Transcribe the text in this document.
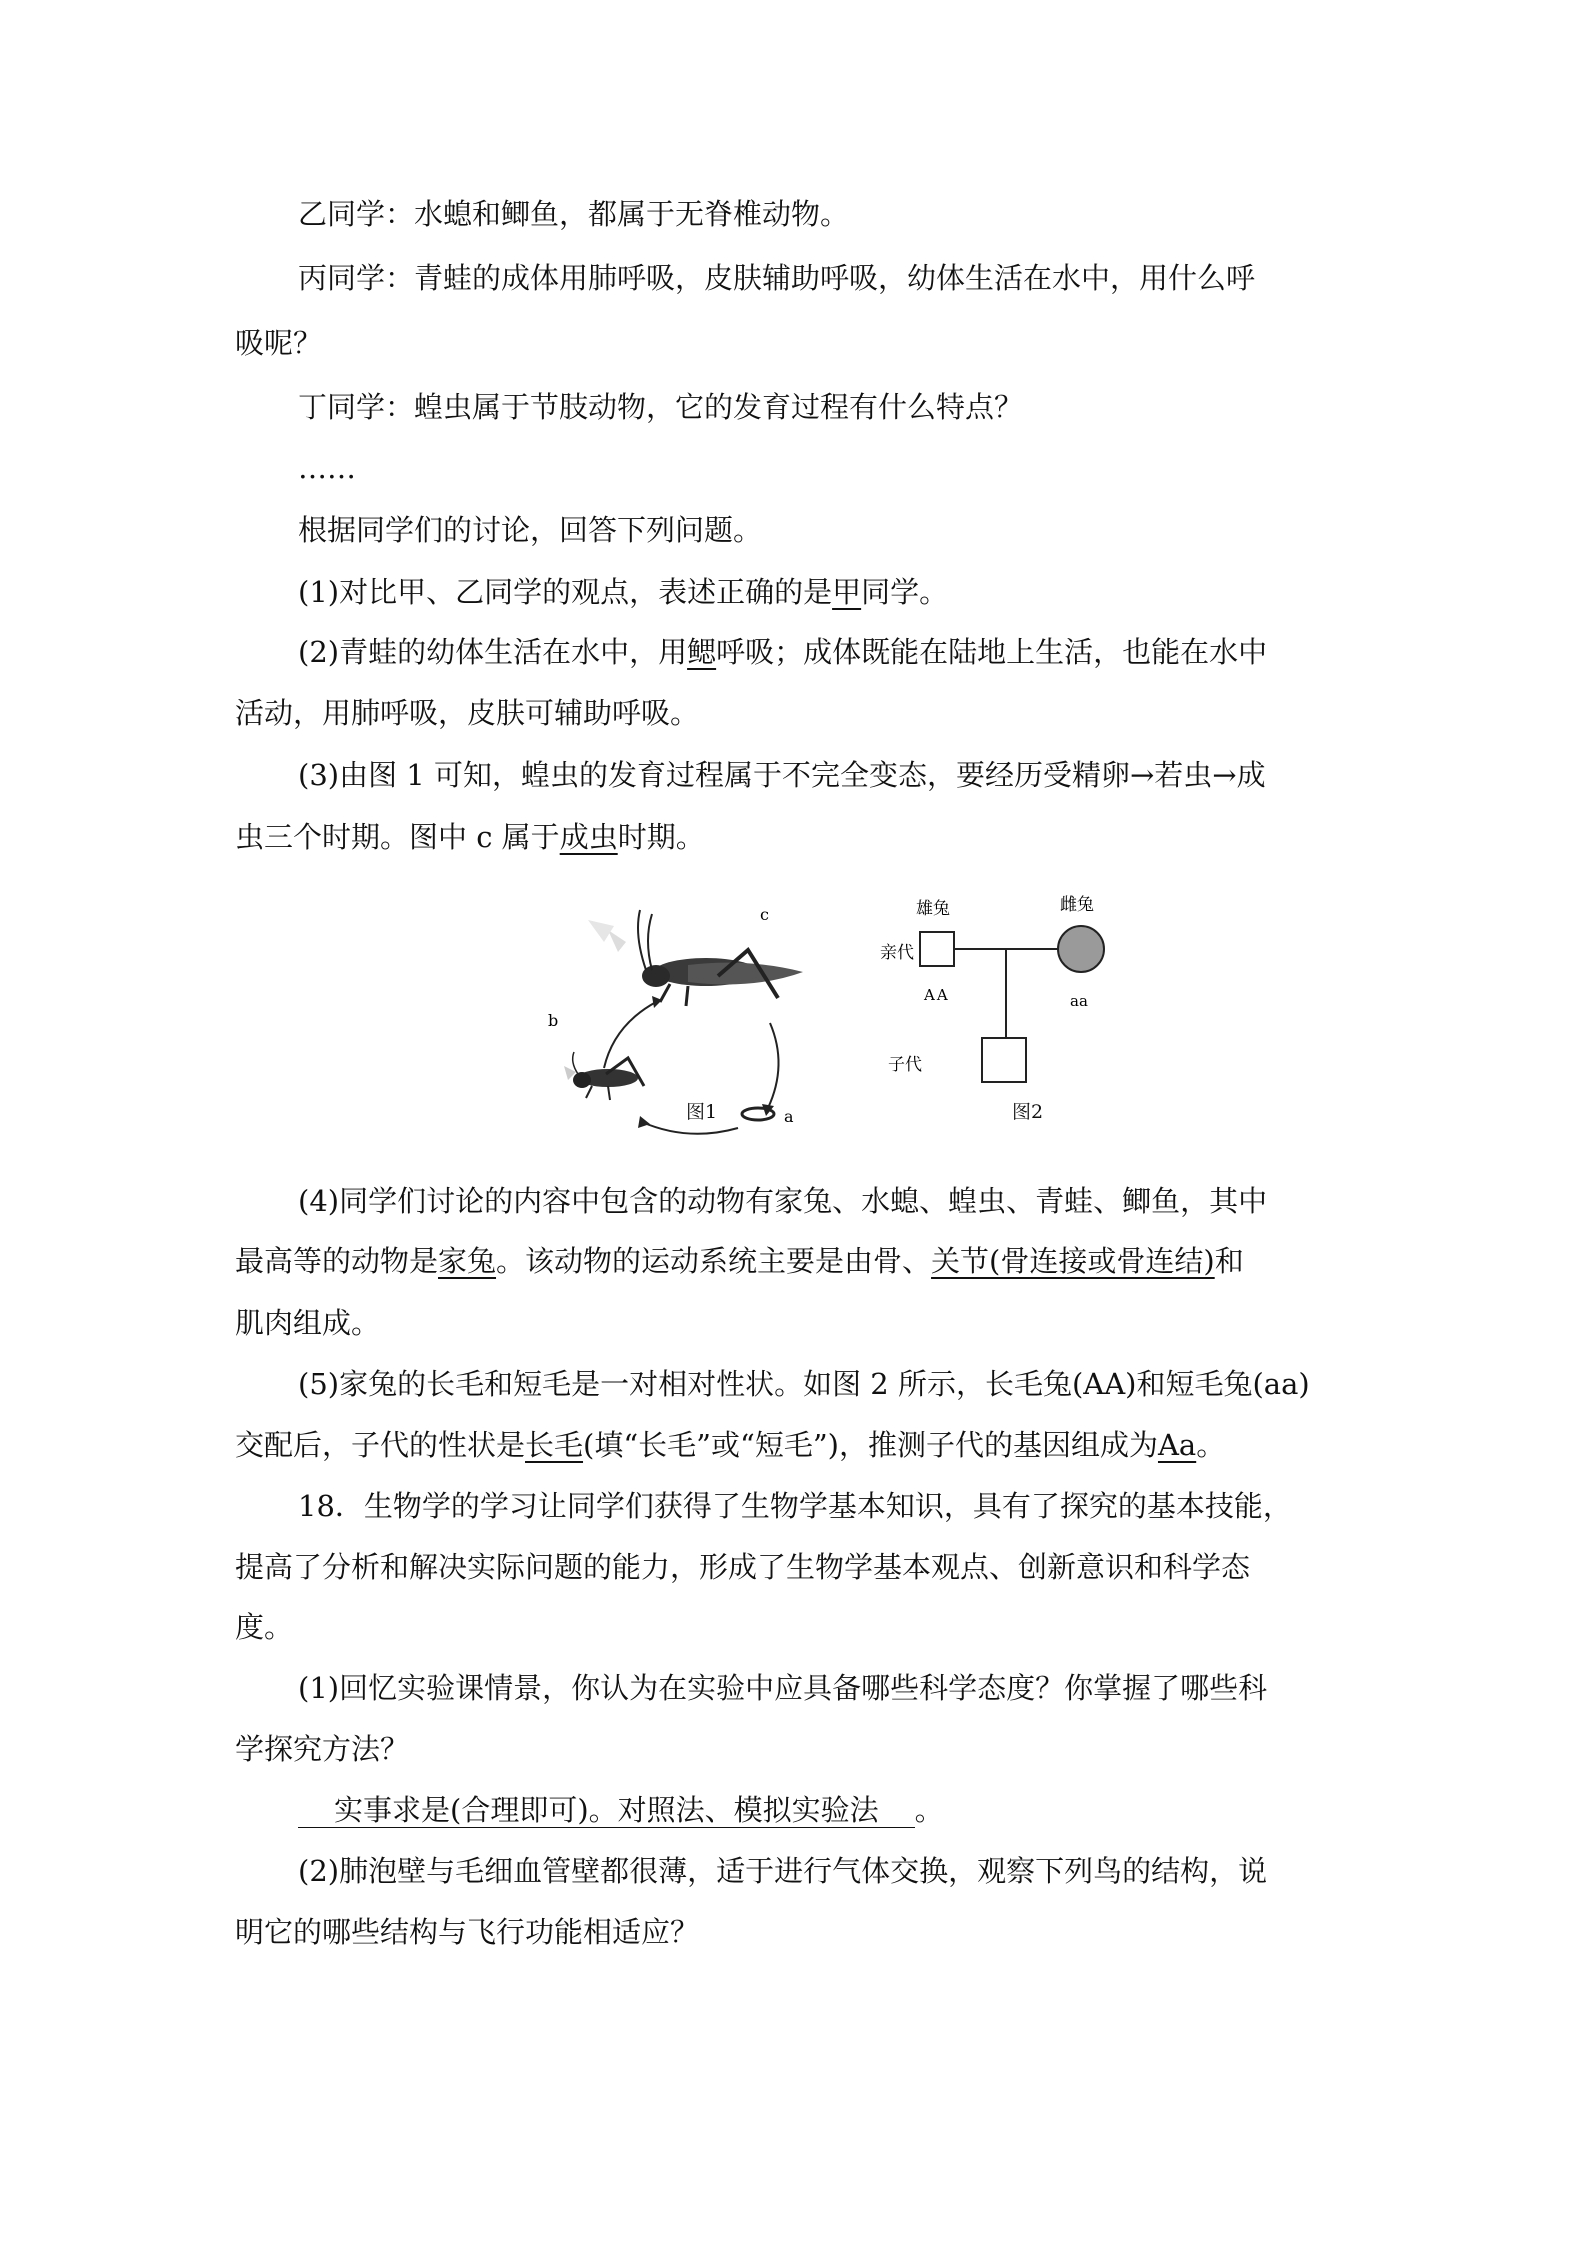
乙同学：水螅和鲫鱼，都属于无脊椎动物。

丙同学：青蛙的成体用肺呼吸，皮肤辅助呼吸，幼体生活在水中，用什么呼

吸呢？

丁同学：蝗虫属于节肢动物，它的发育过程有什么特点？

……

根据同学们的讨论，回答下列问题。

(1)对比甲、乙同学的观点，表述正确的是甲同学。

(2)青蛙的幼体生活在水中，用鳃呼吸；成体既能在陆地上生活，也能在水中

活动，用肺呼吸，皮肤可辅助呼吸。

(3)由图 1 可知，蝗虫的发育过程属于不完全变态，要经历受精卵→若虫→成

虫三个时期。图中 c 属于成虫时期。

c
b
a
图1
雄兔	雌兔
亲代
AA	aa
子代
图2

(4)同学们讨论的内容中包含的动物有家兔、水螅、蝗虫、青蛙、鲫鱼，其中

最高等的动物是家兔。该动物的运动系统主要是由骨、关节(骨连接或骨连结)和

肌肉组成。

(5)家兔的长毛和短毛是一对相对性状。如图 2 所示，长毛兔(AA)和短毛兔(aa)

交配后，子代的性状是长毛(填“长毛”或“短毛”)，推测子代的基因组成为Aa。

18．生物学的学习让同学们获得了生物学基本知识，具有了探究的基本技能，

提高了分析和解决实际问题的能力，形成了生物学基本观点、创新意识和科学态

度。

(1)回忆实验课情景，你认为在实验中应具备哪些科学态度？你掌握了哪些科

学探究方法？

实事求是(合理即可)。对照法、模拟实验法 。

(2)肺泡壁与毛细血管壁都很薄，适于进行气体交换，观察下列鸟的结构，说

明它的哪些结构与飞行功能相适应？
